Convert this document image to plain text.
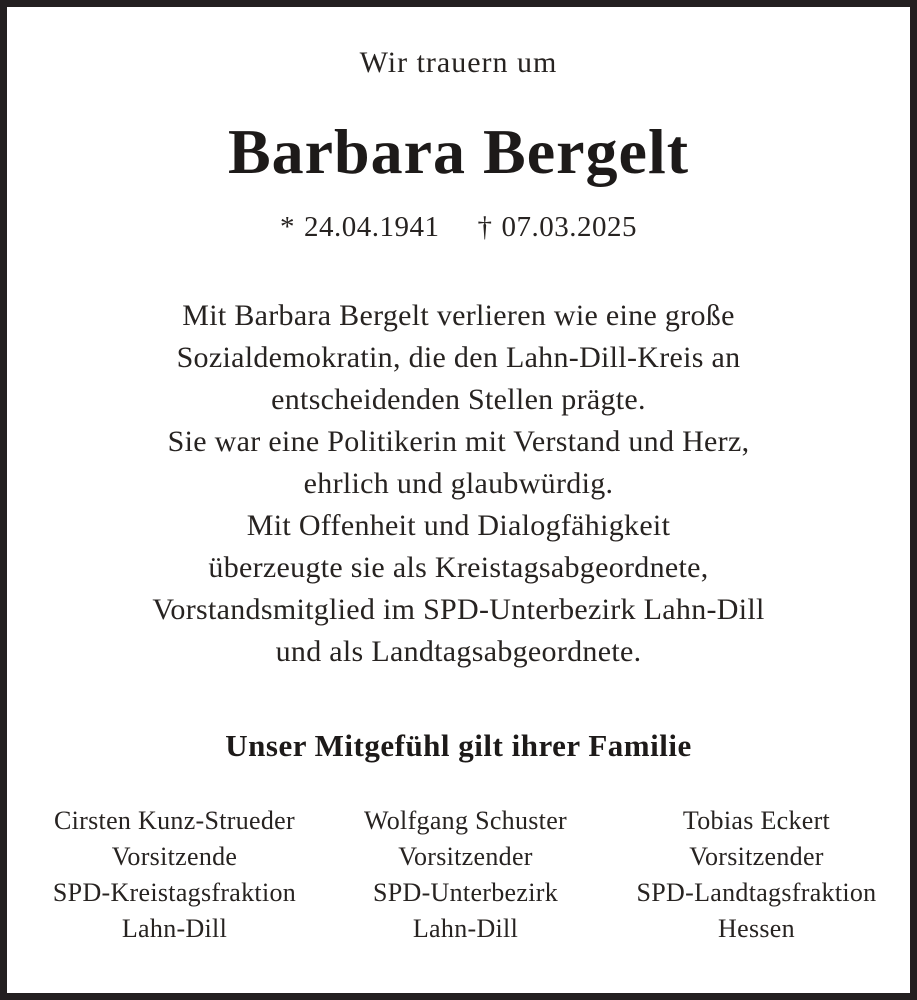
Wir trauern um
Barbara Bergelt
* 24.04.1941 † 07.03.2025
Mit Barbara Bergelt verlieren wie eine große
Sozialdemokratin, die den Lahn-Dill-Kreis an
entscheidenden Stellen prägte.
Sie war eine Politikerin mit Verstand und Herz,
ehrlich und glaubwürdig.
Mit Offenheit und Dialogfähigkeit
überzeugte sie als Kreistagsabgeordnete,
Vorstandsmitglied im SPD-Unterbezirk Lahn-Dill
und als Landtagsabgeordnete.
Unser Mitgefühl gilt ihrer Familie
Cirsten Kunz-Strueder
Vorsitzende
SPD-Kreistagsfraktion
Lahn-Dill
Wolfgang Schuster
Vorsitzender
SPD-Unterbezirk
Lahn-Dill
Tobias Eckert
Vorsitzender
SPD-Landtagsfraktion
Hessen
